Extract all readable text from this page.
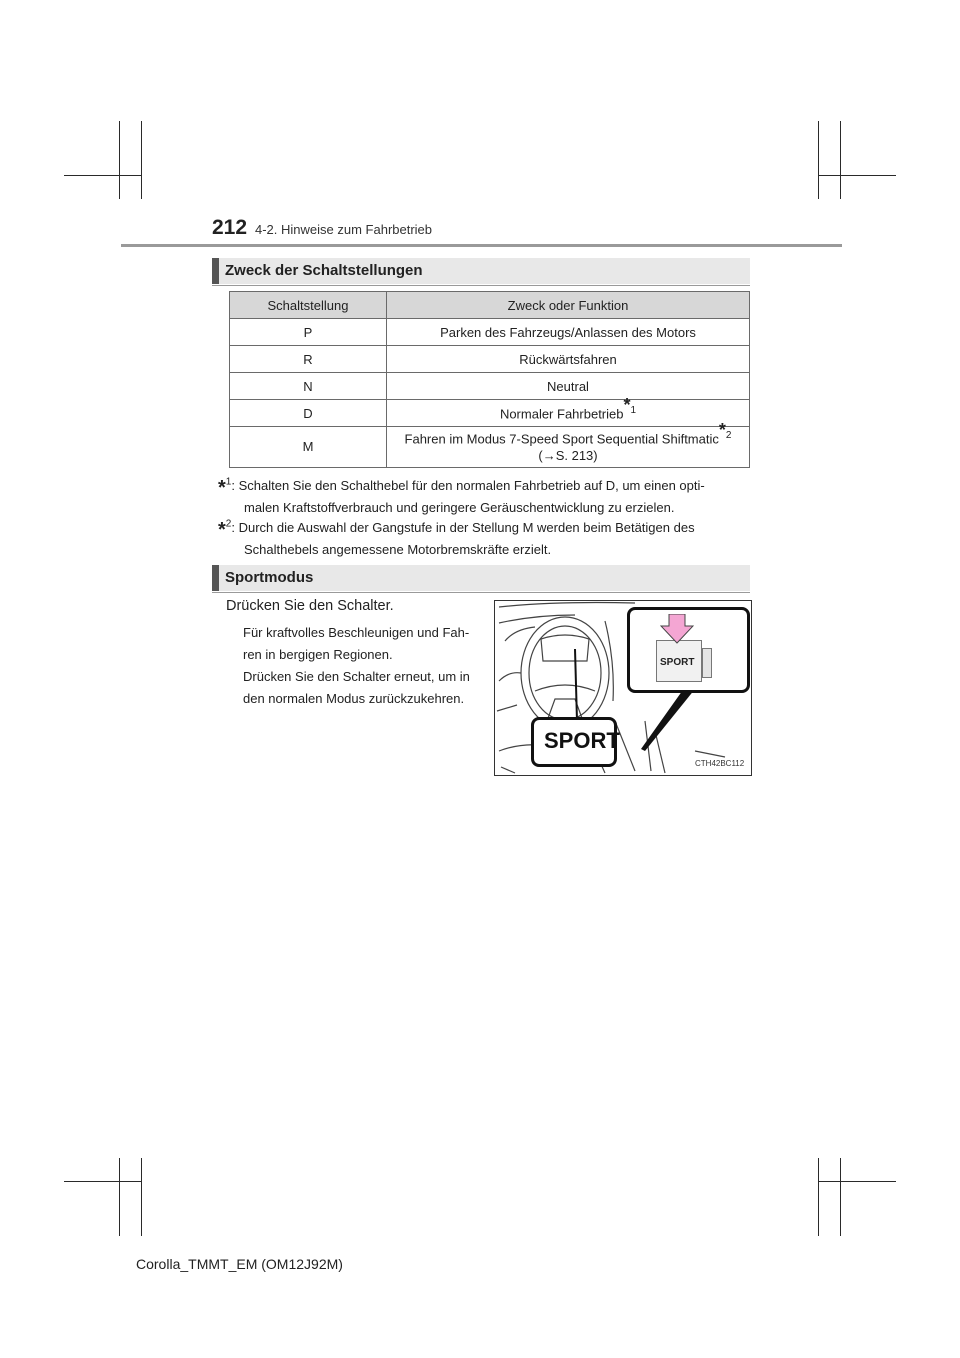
212 4-2. Hinweise zum Fahrbetrieb
Zweck der Schaltstellungen
Schaltstellung	Zweck oder Funktion
P	Parken des Fahrzeugs/Anlassen des Motors
R	Rückwärtsfahren
N	Neutral
D	Normaler Fahrbetrieb$^{*1}$
M	Fahren im Modus 7-Speed Sport Sequential Shiftmatic$^{*2}$
(→S. 213)
*$^1$: Schalten Sie den Schalthebel für den normalen Fahrbetrieb auf D, um einen opti-
malen Kraftstoffverbrauch und geringere Geräuschentwicklung zu erzielen.
*$^2$: Durch die Auswahl der Gangstufe in der Stellung M werden beim Betätigen des
Schalthebels angemessene Motorbremskräfte erzielt.
Sportmodus
Drücken Sie den Schalter.
Für kraftvolles Beschleunigen und Fah-
ren in bergigen Regionen.
Drücken Sie den Schalter erneut, um in
den normalen Modus zurückzukehren.
SPORT
SPORT
CTH42BC112
Corolla_TMMT_EM (OM12J92M)
